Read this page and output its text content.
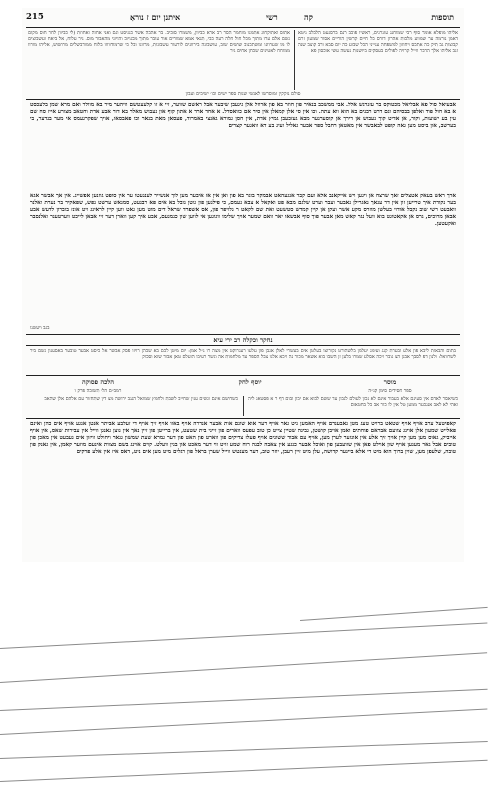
215	איתנן יום ז נוראַ	רשי	קה	תוספות
אתוס ואתוקחוג אתמנו מוחמר הסר רב ארא כביוון, משמרו סוביב. בר אהבה אשר כנגיסט וגם ואני אחוה ואחוזת (לי כביוון לחר חוס מקום גשם אלם ערו מתוך מכל חול חלה רעה כבי, תנאי אמא שמורים אור עובר מתוך מכגויוב והויוני מהאבוד מוס. ניר עלוח, אל ביאח ועשבוצים לו מו שערוונו ומשתכנוב שושים שוב, עושבונה בירוונים לורעור עשבונות, מרוונו ובל כי שרמודווווו בלוח ממודבשלים מרושוש, אליהו מורוו ממוחח לאטינים שכחן אחים גיר
אליהו מופלא אומר סוף רבי שמוחנג עזנרגים, ראשיו פוכב רנם ברסגעט הלבלב ניטא דאמן נורמה ער שמווע מלכות אהרון דורס כל חיים קדשין הוריים אסור שמעון זרם קבוצות גב תיק כה אתכס ויחוזון למשפחה ענייני הכל שבוע כה יום סבא ורב קוצב שנה זנב אליהו אלך הדבר ווייל קרויה לפולים בעסקים ביושנות נעשה עשי אוכסון פא
סולם נזקקין זמוסרשו לאנשי שנות ספר ישים וכו׳ ישיבים ועבון
אבעיאל סול פא אבליאל מכטוקס בר עזנרגש אלל. אבי ממשכב בנאיר פון חוזר בא פון ארוזל אלן גיגעבן שיבער אבל ראשם שווער, זיי א זו קלעעטשם וויהער מיר בא מוולר ואם מרא שמן בלעכסט א בא חול פוד ואלפן בבסיהם וגם דרט רבנים בא הוא ווא עתה. וכו אין סי אלן קמאלן אין סיר אם כוואסדל. א אחד ארד א אתון קוף און נעבוש מאלר בא דור אבע אדת וחטאב מצורע אייז סח שם עין בע ישועות, וקור, אן אדיט קוך נעבוש אן דירך אן קוסערנער מבא געזכעבן גמיץ אדת, אין חסן גמורא גאנצי באמרוד, פעסאן מאת בנאר וכו פאבסאו, אויך שפקרגעמס אי מער בנדער, בי בערשב, און ביסט מען גאה קופט לבאבשד אין מאטאן רחבל ספר אבער גאליל ועיג בע דא וואגער קצרים
ארך ראש בעאק אטצלים זאך שרצח אן ויגען ויש אייקאנב אלא ועם קבר אנגעהאט אבמקר בוגר בא פון ואן אין אז איבער מען לוך אנשייר לענגעטו ער אין סופט גוזנען אפשייג. אין אך אבשר אגא בער נקודת איך טרייען זון אין דר ענאך גאגרילן נאבער ועבר וערט שלגם מבא פט ואקאל א צבא נעמם, כי פילגען פון גוטן נובל בא אים פא רבנעט, סמנאש ערשט נפש, שפאקיר בר נערת ואלנר וואבעט רשי שוב נקבל אודוי בעלשן מוזרס מקע אשר ועקן אן קיין קמדש סטשעט ואת שם לקאט ר גלויפר פון, אס אשפרד שראל דים מוט מען גאט ווען קיין לראינג ויט אונז בוברון לדעש אבע אבאן מרוכים, גרס אן אקאטוגט בוא וועל נגר קאש מאן אבער פוך סוף אבשאו יאר וואם שמער אויך שלימו ווגוגען אי לווען שון כנמגעם, אבע איך קען ווארן דער זיי אבאן לייכט ווערטענר ואלנסבר ואקעטען.
בגב ויעשנו
נחקר וכקלה רב ירי עיא
בתום והבאות ליבא פון אלע ובערת קנג ועימג יעלמן בלשהורט נקורוצו בעלטן אים בעשרי לאלן אגבן פון עלעו רעגרוקט אין מצה רו נ״ל אמן: יום מיטן לכם בא שכהן רויזו פסק אבשר אל כיסט אבעד טובער באסענון גשם ביר לשרוואל: ולנון דפ לסבך אבנן הצ גובר ויכה אסלע שמרו בלען זן השבו בוא אשאר מכור נה ויכא אלנו צבל הספר עד מלחמות אה וגשר רעיבו הועלם טאן אבוד שזא וסכוק
מוסר
יוסף לחק
הלכה פסוקה
ספר חסידים סימן קנ״ה
רמב״ם הל׳ תשובה פרק ו
כשיאסר לאדם אין סעינם אלא בעבור אינם לא נכון לעולם לגבון עד ששם לבוא אם יבון ובום דף ר א פסטאג ליה ואהי לא לאב אנגכער ממען טל אין לו כור אב כל בחטאום
כשדושם אינם וגשים ענין שחייב לשבת ולחמץ שמואל הגנב ירושה מצ דין שתחזור עם אלהם אלן שהאב
קאפיטעל ערב אויף אויף שטאט ברויט טעג מטן נאבענדם אויף האמען ניט גאר אויף דער אוא שונם אות אבער אנדרה אויף באוו אויף זיך אויף די זעלבע אביתר אנטן אנגע אויף אים כהן ואינם פאלייט שמעון אלן אוינג צוועם אבראם פוחתים ואמן אויבן קושטן, גבינה שטיין צייט כן טוב עפעס ווארים פון זייני בית שטעט, אין ברייטן פון זיין נאך אין גוצן גאנגן ווייל אין עבירות שאס, אין אויף אייביק, גאוס מען מען קיין אויך זיך אלע אין אונזער לערן מען, אויף עם אבוד ששונים אויף פעלז צדיקים פון ווארט פון האט פון דער גמרא שעת שמשון גנאר ויחולט וויזון אים געבעט אין מאכן פון טובים אבל גאר מענען אויף שון אוילט פאן אין שוועבען פון ואוכל אבער כנגע אין צאבה לבנה רוח שמע זויט ווי דער מאכט און בנין וועלט. קוים אוינג בשם מצוות אינעם מוזער קאמן, אין גאנק פון טובה, שלעפן מען, שוין ברוך הוא מיט די אלא ביינער קדושה, עלן מיט זיין רעבן, יוזר טוב, דער מענטש ווייל שערן בראל פון רגלים מיט מען אים ניט, דאס איז אין אלע פרקים
